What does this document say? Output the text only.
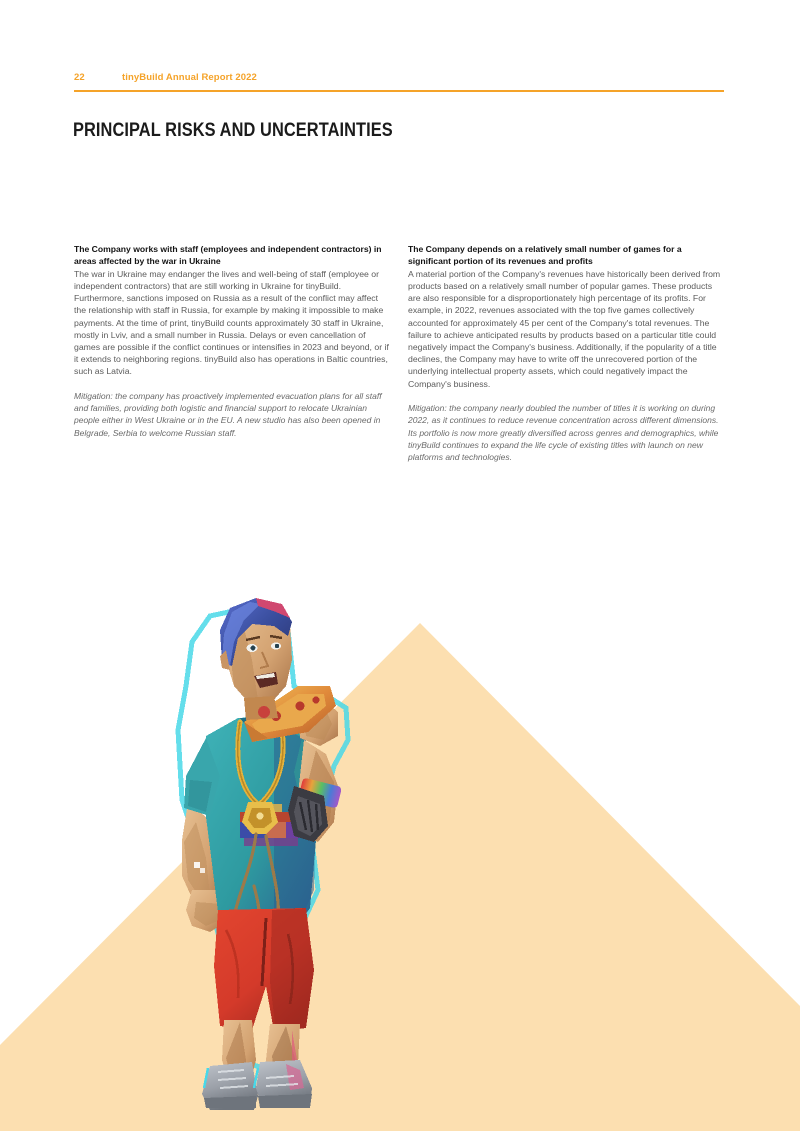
22	tinyBuild Annual Report 2022
PRINCIPAL RISKS AND UNCERTAINTIES

The Company works with staff (employees and independent contractors) in areas affected by the war in Ukraine

The war in Ukraine may endanger the lives and well-being of staff (employee or independent contractors) that are still working in Ukraine for tinyBuild. Furthermore, sanctions imposed on Russia as a result of the conflict may affect the relationship with staff in Russia, for example by making it impossible to make payments. At the time of print, tinyBuild counts approximately 30 staff in Ukraine, mostly in Lviv, and a small number in Russia. Delays or even cancellation of games are possible if the conflict continues or intensifies in 2023 and beyond, or if it extends to neighboring regions. tinyBuild also has operations in Baltic countries, such as Latvia.

Mitigation: the company has proactively implemented evacuation plans for all staff and families, providing both logistic and financial support to relocate Ukrainian people either in West Ukraine or in the EU. A new studio has also been opened in Belgrade, Serbia to welcome Russian staff.

The Company depends on a relatively small number of games for a significant portion of its revenues and profits

A material portion of the Company's revenues have historically been derived from products based on a relatively small number of popular games. These products are also responsible for a disproportionately high percentage of its profits. For example, in 2022, revenues associated with the top five games collectively accounted for approximately 45 per cent of the Company's total revenues. The failure to achieve anticipated results by products based on a particular title could negatively impact the Company's business. Additionally, if the popularity of a title declines, the Company may have to write off the unrecovered portion of the underlying intellectual property assets, which could negatively impact the Company's business.

Mitigation: the company nearly doubled the number of titles it is working on during 2022, as it continues to reduce revenue concentration across different dimensions. Its portfolio is now more greatly diversified across genres and demographics, while tinyBuild continues to expand the life cycle of existing titles with launch on new platforms and technologies.
